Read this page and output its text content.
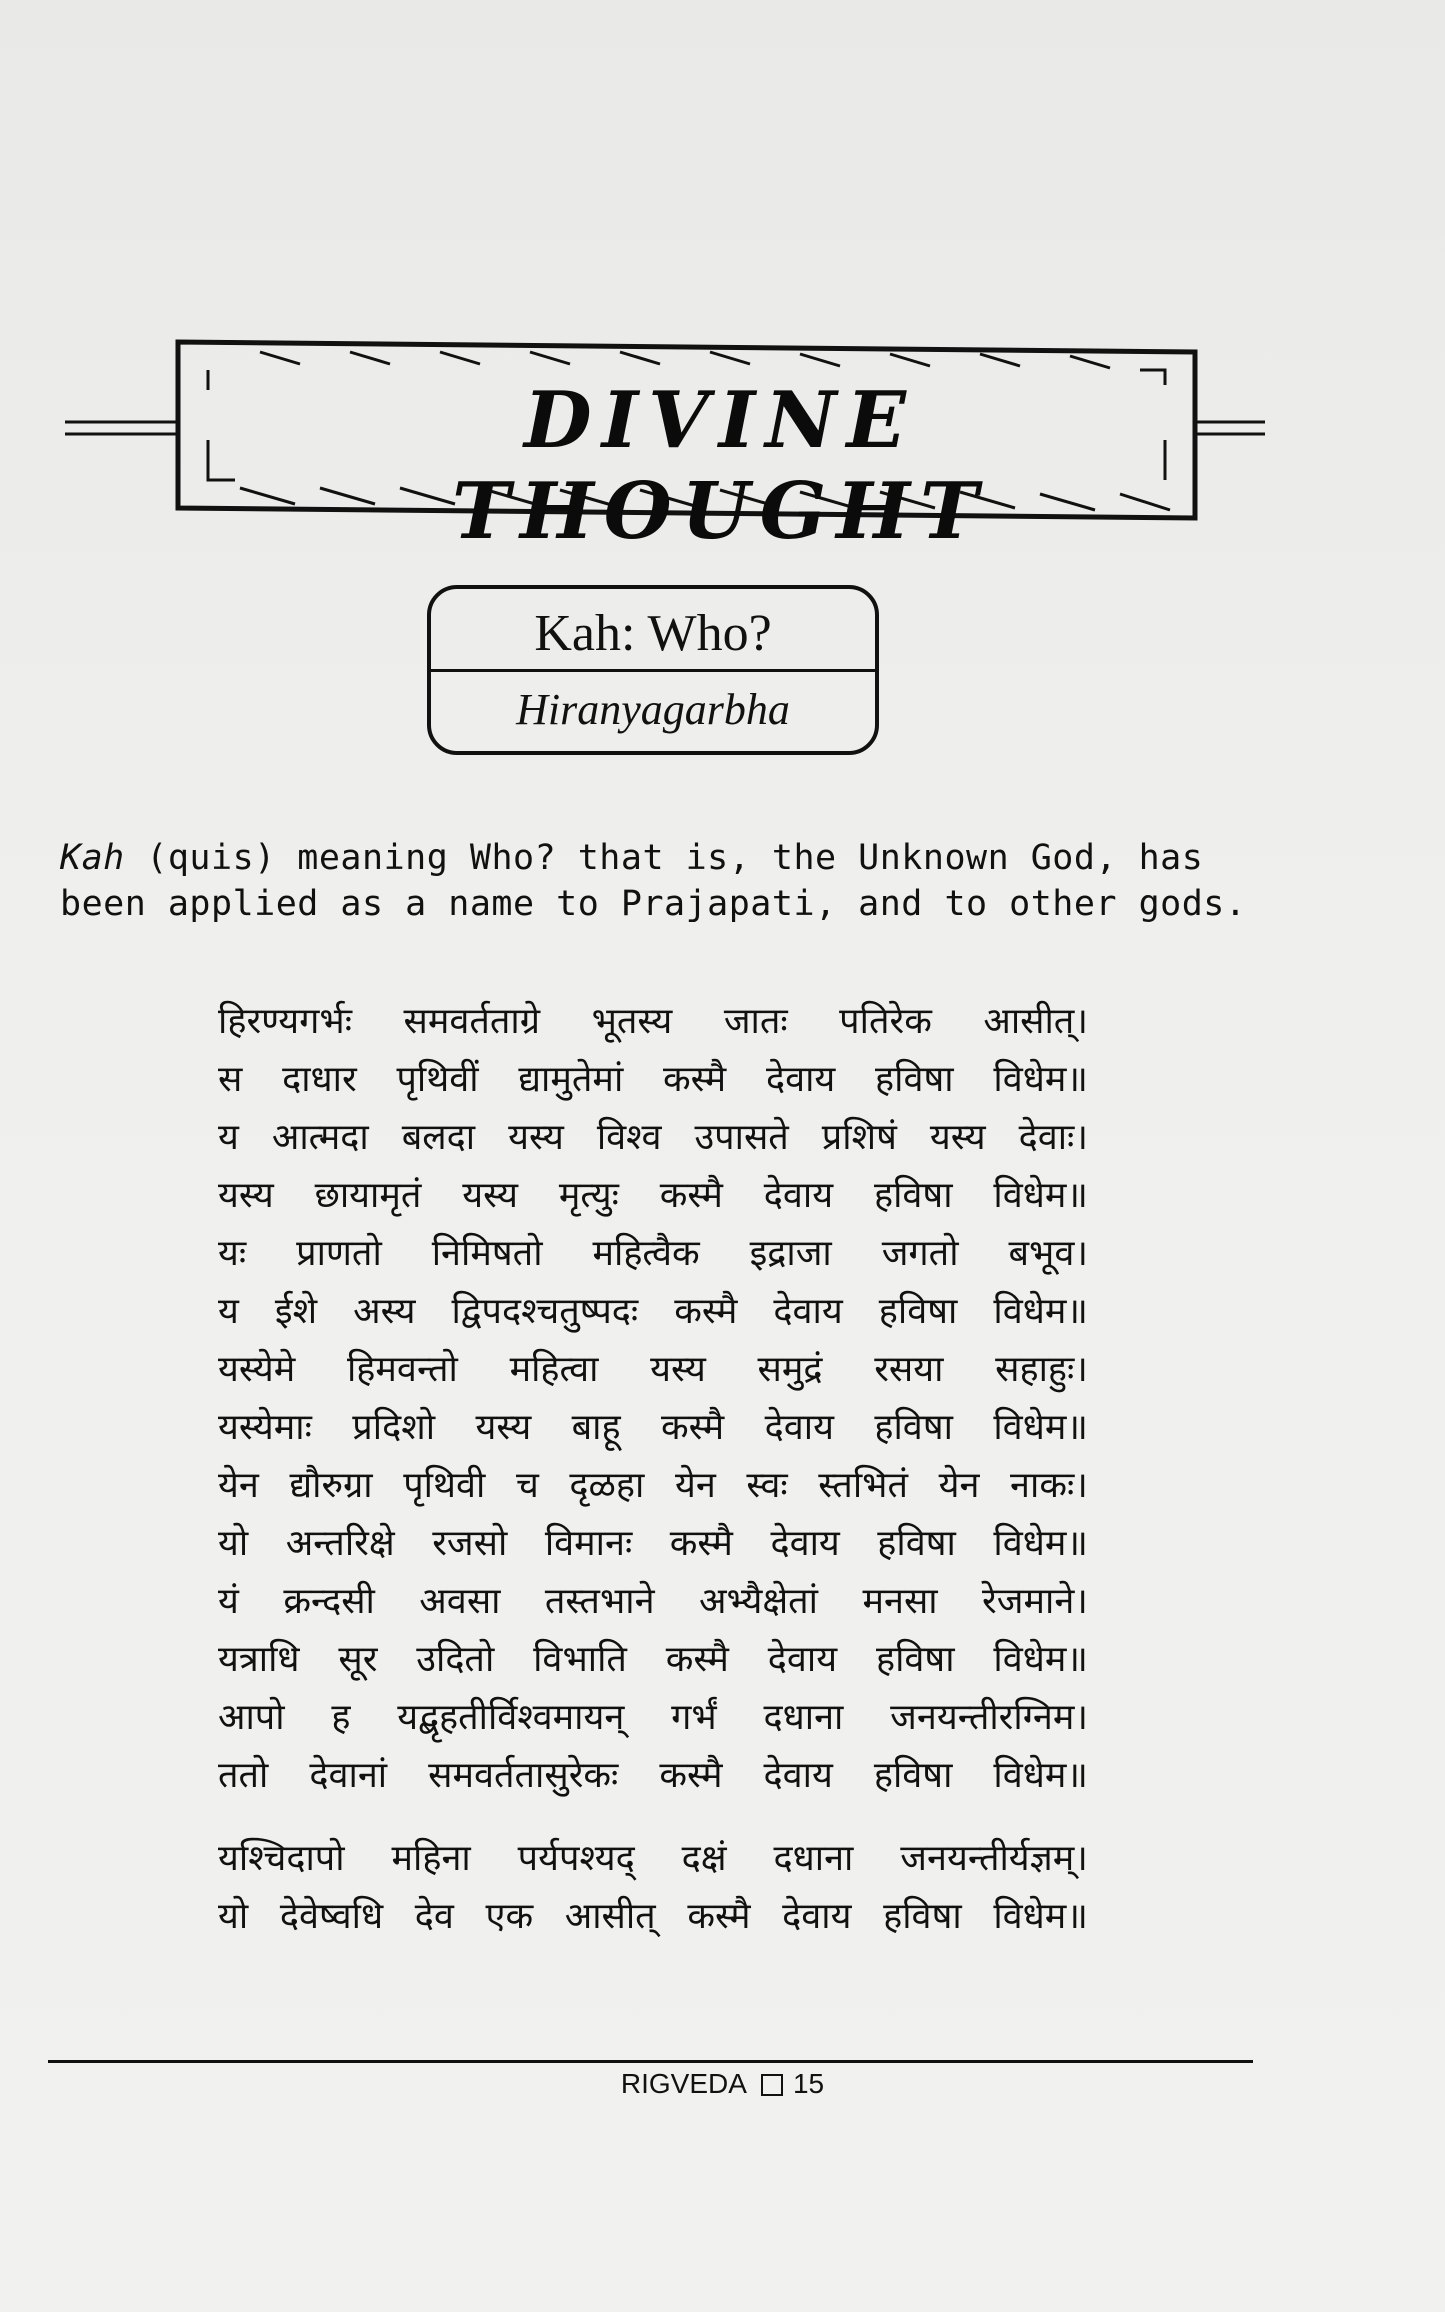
DIVINE THOUGHT
Kah: Who?
Hiranyagarbha
Kah (quis) meaning Who? that is, the Unknown God, has been applied as a name to Prajapati, and to other gods.
हिरण्यगर्भः समवर्तताग्रे भूतस्य जातः पतिरेक आसीत्।
स दाधार पृथिवीं द्यामुतेमां कस्मै देवाय हविषा विधेम॥
य आत्मदा बलदा यस्य विश्व उपासते प्रशिषं यस्य देवाः।
यस्य छायामृतं यस्य मृत्युः कस्मै देवाय हविषा विधेम॥
यः प्राणतो निमिषतो महित्वैक इद्राजा जगतो बभूव।
य ईशे अस्य द्विपदश्चतुष्पदः कस्मै देवाय हविषा विधेम॥
यस्येमे हिमवन्तो महित्वा यस्य समुद्रं रसया सहाहुः।
यस्येमाः प्रदिशो यस्य बाहू कस्मै देवाय हविषा विधेम॥
येन द्यौरुग्रा पृथिवी च दृळहा येन स्वः स्तभितं येन नाकः।
यो अन्तरिक्षे रजसो विमानः कस्मै देवाय हविषा विधेम॥
यं क्रन्दसी अवसा तस्तभाने अभ्यैक्षेतां मनसा रेजमाने।
यत्राधि सूर उदितो विभाति कस्मै देवाय हविषा विधेम॥
आपो ह यद्बृहतीर्विश्वमायन् गर्भं दधाना जनयन्तीरग्निम।
ततो देवानां समवर्ततासुरेकः कस्मै देवाय हविषा विधेम॥
यश्चिदापो महिना पर्यपश्यद् दक्षं दधाना जनयन्तीर्यज्ञम्।
यो देवेष्वधि देव एक आसीत् कस्मै देवाय हविषा विधेम॥
RIGVEDA 15
